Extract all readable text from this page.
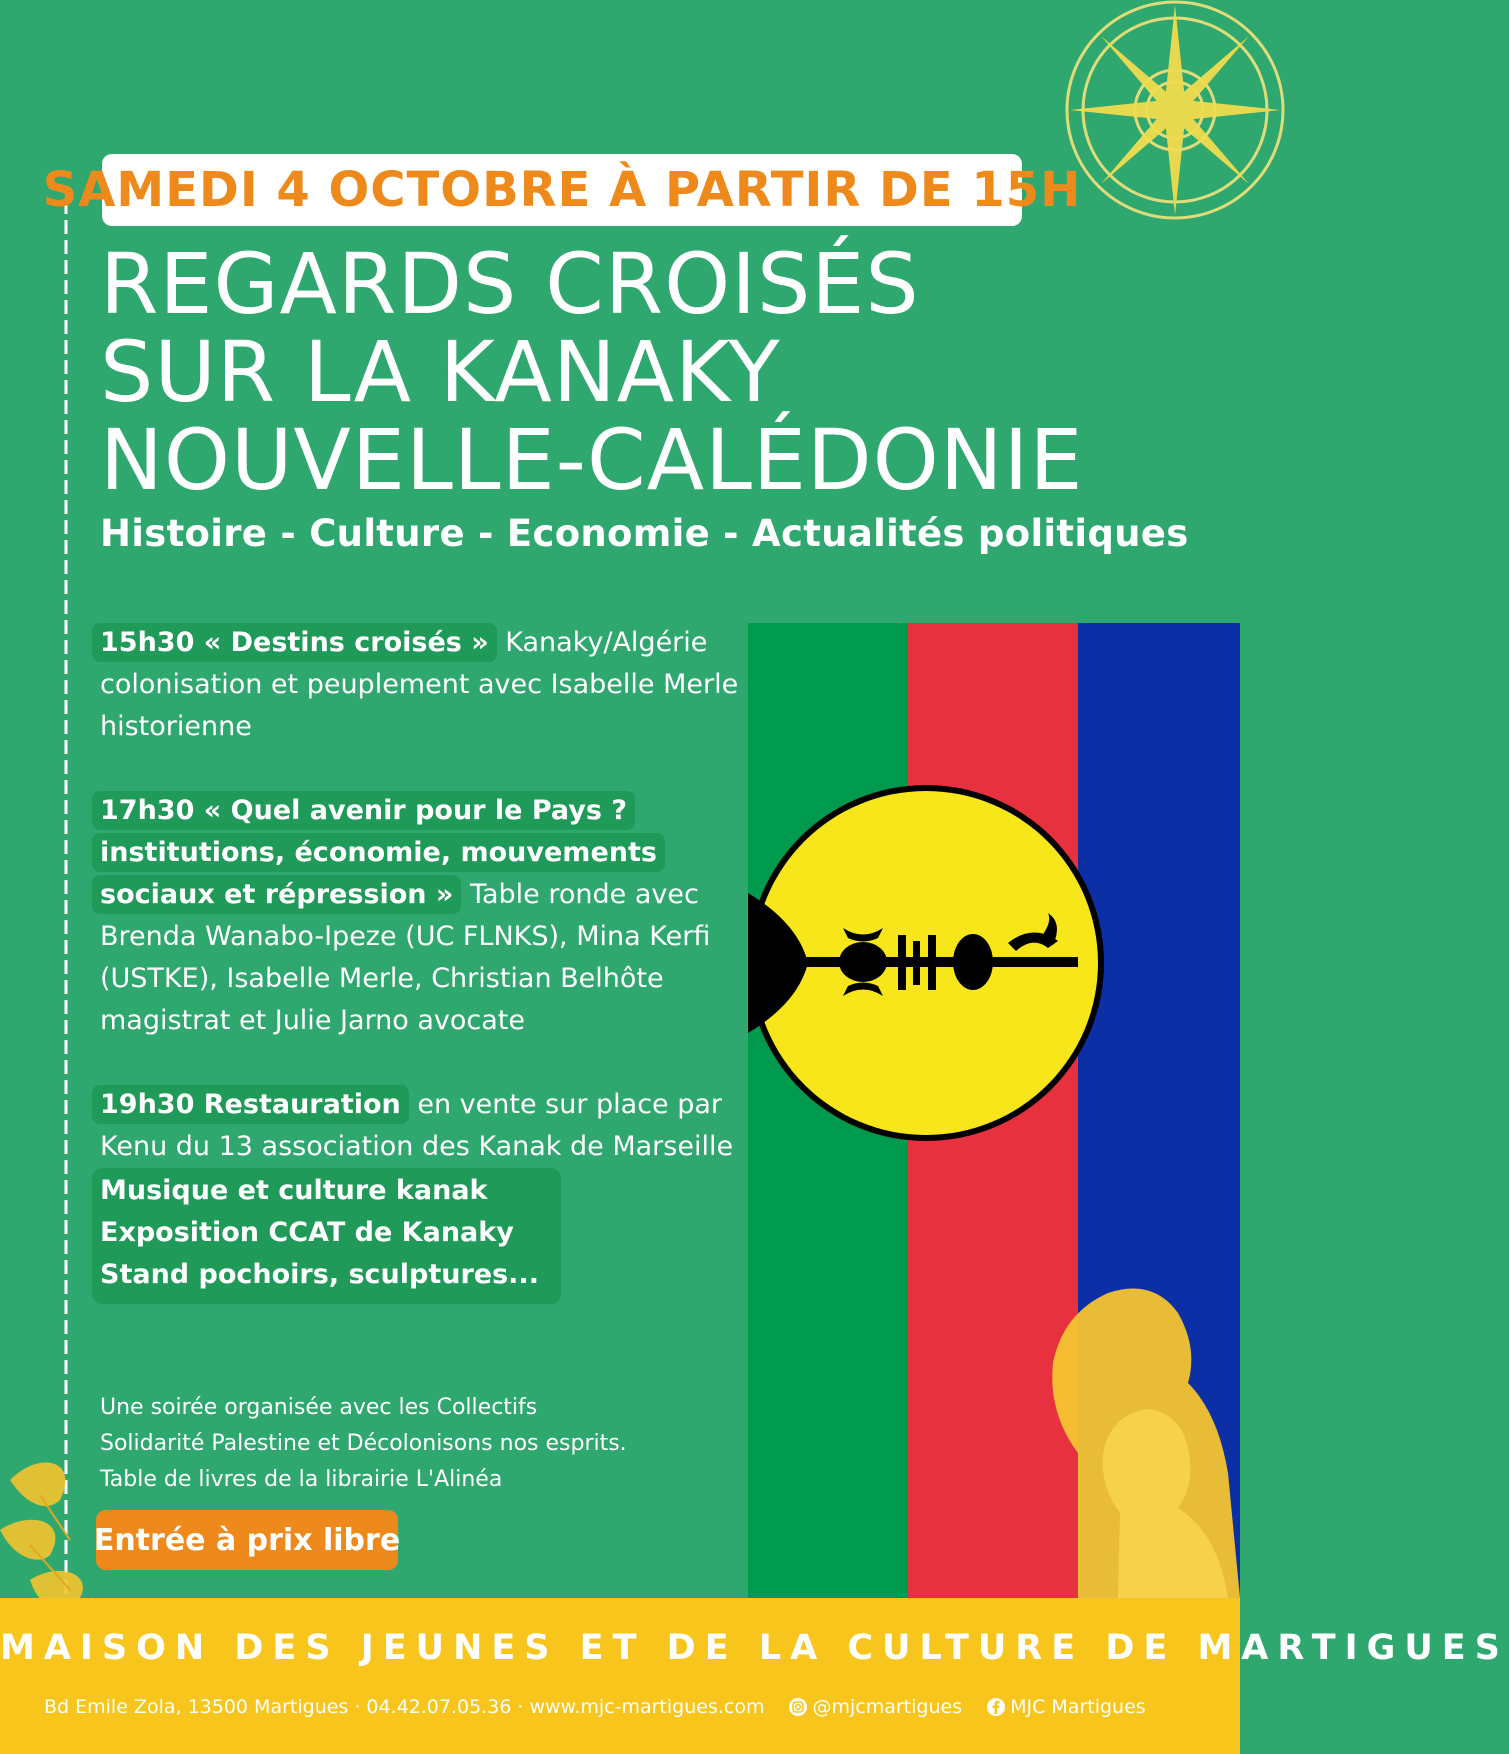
SAMEDI 4 OCTOBRE À PARTIR DE 15H
REGARDS CROISÉS
SUR LA KANAKY
NOUVELLE-CALÉDONIE
Histoire - Culture - Economie - Actualités politiques
15h30 « Destins croisés » Kanaky/Algérie colonisation et peuplement avec Isabelle Merle historienne
17h30 « Quel avenir pour le Pays ? institutions, économie, mouvements sociaux et répression » Table ronde avec Brenda Wanabo-Ipeze (UC FLNKS), Mina Kerfi (USTKE), Isabelle Merle, Christian Belhôte magistrat et Julie Jarno avocate
19h30 Restauration en vente sur place par Kenu du 13 association des Kanak de Marseille
Musique et culture kanak
Exposition CCAT de Kanaky
Stand pochoirs, sculptures...
Une soirée organisée avec les Collectifs
Solidarité Palestine et Décolonisons nos esprits.
Table de livres de la librairie L'Alinéa
Entrée à prix libre
MAISON DES JEUNES ET DE LA CULTURE DE MARTIGUES
Bd Emile Zola, 13500 Martigues · 04.42.07.05.36 · www.mjc-martigues.com	@mjcmartigues	MJC Martigues
